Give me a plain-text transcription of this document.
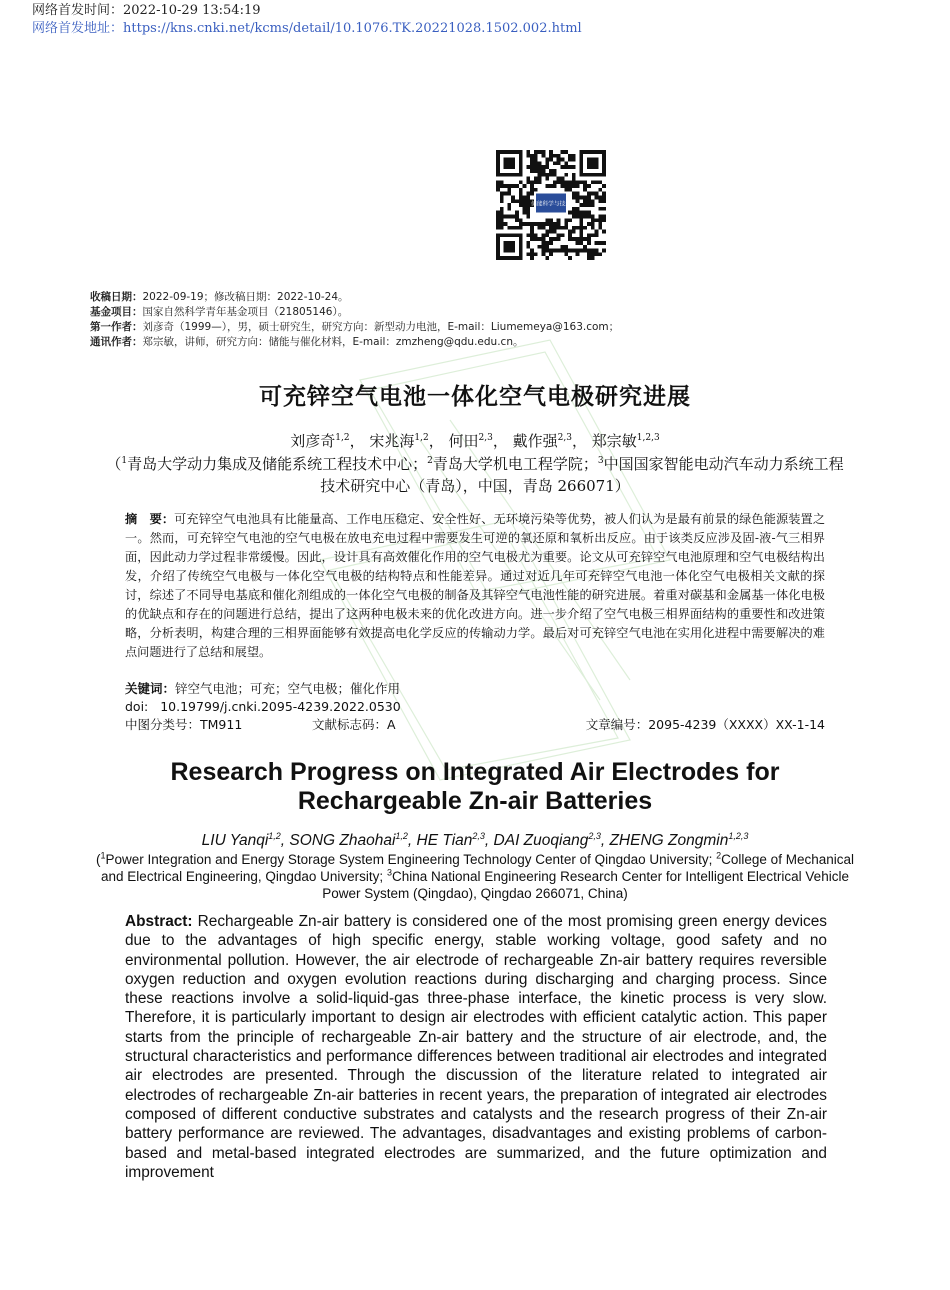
网络首发时间：2022-10-29 13:54:19
网络首发地址：https://kns.cnki.net/kcms/detail/10.1076.TK.20221028.1502.002.html
储能科学与技术
收稿日期：2022-09-19；修改稿日期：2022-10-24。
基金项目：国家自然科学青年基金项目（21805146）。
第一作者：刘彦奇（1999—），男，硕士研究生，研究方向：新型动力电池，E-mail：Liumemeya@163.com；
通讯作者：郑宗敏，讲师，研究方向：储能与催化材料，E-mail：zmzheng@qdu.edu.cn。
可充锌空气电池一体化空气电极研究进展
刘彦奇$^{1,2}$， 宋兆海$^{1,2}$， 何田$^{2,3}$， 戴作强$^{2,3}$， 郑宗敏$^{1,2,3}$
（$^1$青岛大学动力集成及储能系统工程技术中心；$^2$青岛大学机电工程学院；$^3$中国国家智能电动汽车动力系统工程技术研究中心（青岛），中国，青岛 266071）
摘　要：可充锌空气电池具有比能量高、工作电压稳定、安全性好、无环境污染等优势，被人们认为是最有前景的绿色能源装置之一。然而，可充锌空气电池的空气电极在放电充电过程中需要发生可逆的氧还原和氧析出反应。由于该类反应涉及固-液-气三相界面，因此动力学过程非常缓慢。因此，设计具有高效催化作用的空气电极尤为重要。论文从可充锌空气电池原理和空气电极结构出发，介绍了传统空气电极与一体化空气电极的结构特点和性能差异。通过对近几年可充锌空气电池一体化空气电极相关文献的探讨，综述了不同导电基底和催化剂组成的一体化空气电极的制备及其锌空气电池性能的研究进展。着重对碳基和金属基一体化电极的优缺点和存在的问题进行总结，提出了这两种电极未来的优化改进方向。进一步介绍了空气电极三相界面结构的重要性和改进策略，分析表明，构建合理的三相界面能够有效提高电化学反应的传输动力学。最后对可充锌空气电池在实用化进程中需要解决的难点问题进行了总结和展望。
关键词：锌空气电池；可充；空气电极；催化作用
doi: 10.19799/j.cnki.2095-4239.2022.0530
中图分类号：TM911	文献标志码：A	文章编号：2095-4239（XXXX）XX-1-14
Research Progress on Integrated Air Electrodes for
Rechargeable Zn-air Batteries
LIU Yanqi$^{1,2}$, SONG Zhaohai$^{1,2}$, HE Tian$^{2,3}$, DAI Zuoqiang$^{2,3}$, ZHENG Zongmin$^{1,2,3}$
($^1$Power Integration and Energy Storage System Engineering Technology Center of Qingdao University; $^2$College of Mechanical and Electrical Engineering, Qingdao University; $^3$China National Engineering Research Center for Intelligent Electrical Vehicle Power System (Qingdao), Qingdao 266071, China)
Abstract: Rechargeable Zn-air battery is considered one of the most promising green energy devices due to the advantages of high specific energy, stable working voltage, good safety and no environmental pollution. However, the air electrode of rechargeable Zn-air battery requires reversible oxygen reduction and oxygen evolution reactions during discharging and charging process. Since these reactions involve a solid-liquid-gas three-phase interface, the kinetic process is very slow. Therefore, it is particularly important to design air electrodes with efficient catalytic action. This paper starts from the principle of rechargeable Zn-air battery and the structure of air electrode, and, the structural characteristics and performance differences between traditional air electrodes and integrated air electrodes are presented. Through the discussion of the literature related to integrated air electrodes of rechargeable Zn-air batteries in recent years, the preparation of integrated air electrodes composed of different conductive substrates and catalysts and the research progress of their Zn-air battery performance are reviewed. The advantages, disadvantages and existing problems of carbon-based and metal-based integrated electrodes are summarized, and the future optimization and improvement
